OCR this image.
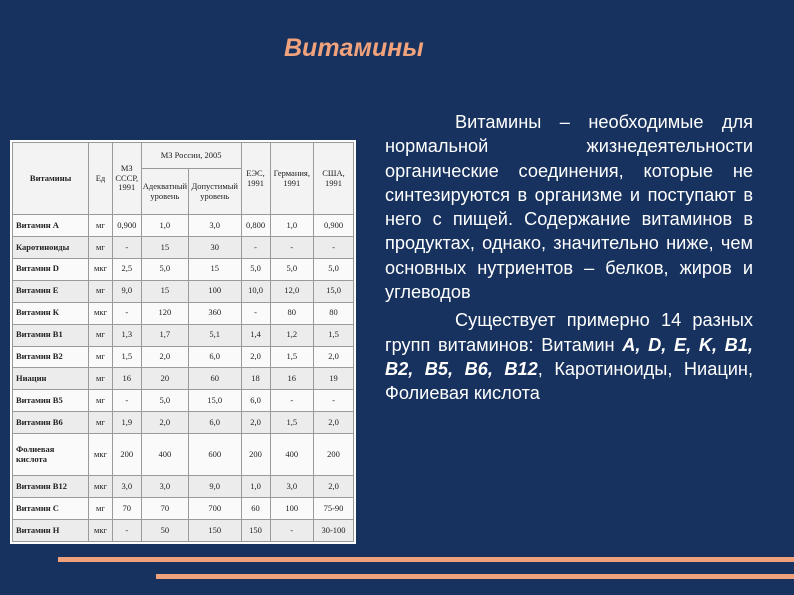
Витамины
Витамины	Ед	МЗ СССР, 1991	МЗ России, 2005		ЕЭС, 1991	Германия, 1991	США, 1991
			Адекватный уровень	Допустимый уровень			
Витамин А	мг	0,900	1,0	3,0	0,800	1,0	0,900
Каротиноиды	мг	-	15	30	-	-	-
Витамин D	мкг	2,5	5,0	15	5,0	5,0	5,0
Витамин Е	мг	9,0	15	100	10,0	12,0	15,0
Витамин К	мкг	-	120	360	-	80	80
Витамин В1	мг	1,3	1,7	5,1	1,4	1,2	1,5
Витамин В2	мг	1,5	2,0	6,0	2,0	1,5	2,0
Ниацин	мг	16	20	60	18	16	19
Витамин В5	мг	-	5,0	15,0	6,0	-	-
Витамин В6	мг	1,9	2,0	6,0	2,0	1,5	2,0
Фолиевая кислота	мкг	200	400	600	200	400	200
Витамин В12	мкг	3,0	3,0	9,0	1,0	3,0	2,0
Витамин С	мг	70	70	700	60	100	75-90
Витамин Н	мкг	-	50	150	150	-	30-100

Витамины – необходимые для нормальной жизнедеятельности органические соединения, которые не синтезируются в организме и поступают в него с пищей. Содержание витаминов в продуктах, однако, значительно ниже, чем основных нутриентов – белков, жиров и углеводов

Существует примерно 14 разных групп витаминов: Витамин A, D, E, K, B1, B2, B5, B6, B12, Каротиноиды, Ниацин, Фолиевая кислота
